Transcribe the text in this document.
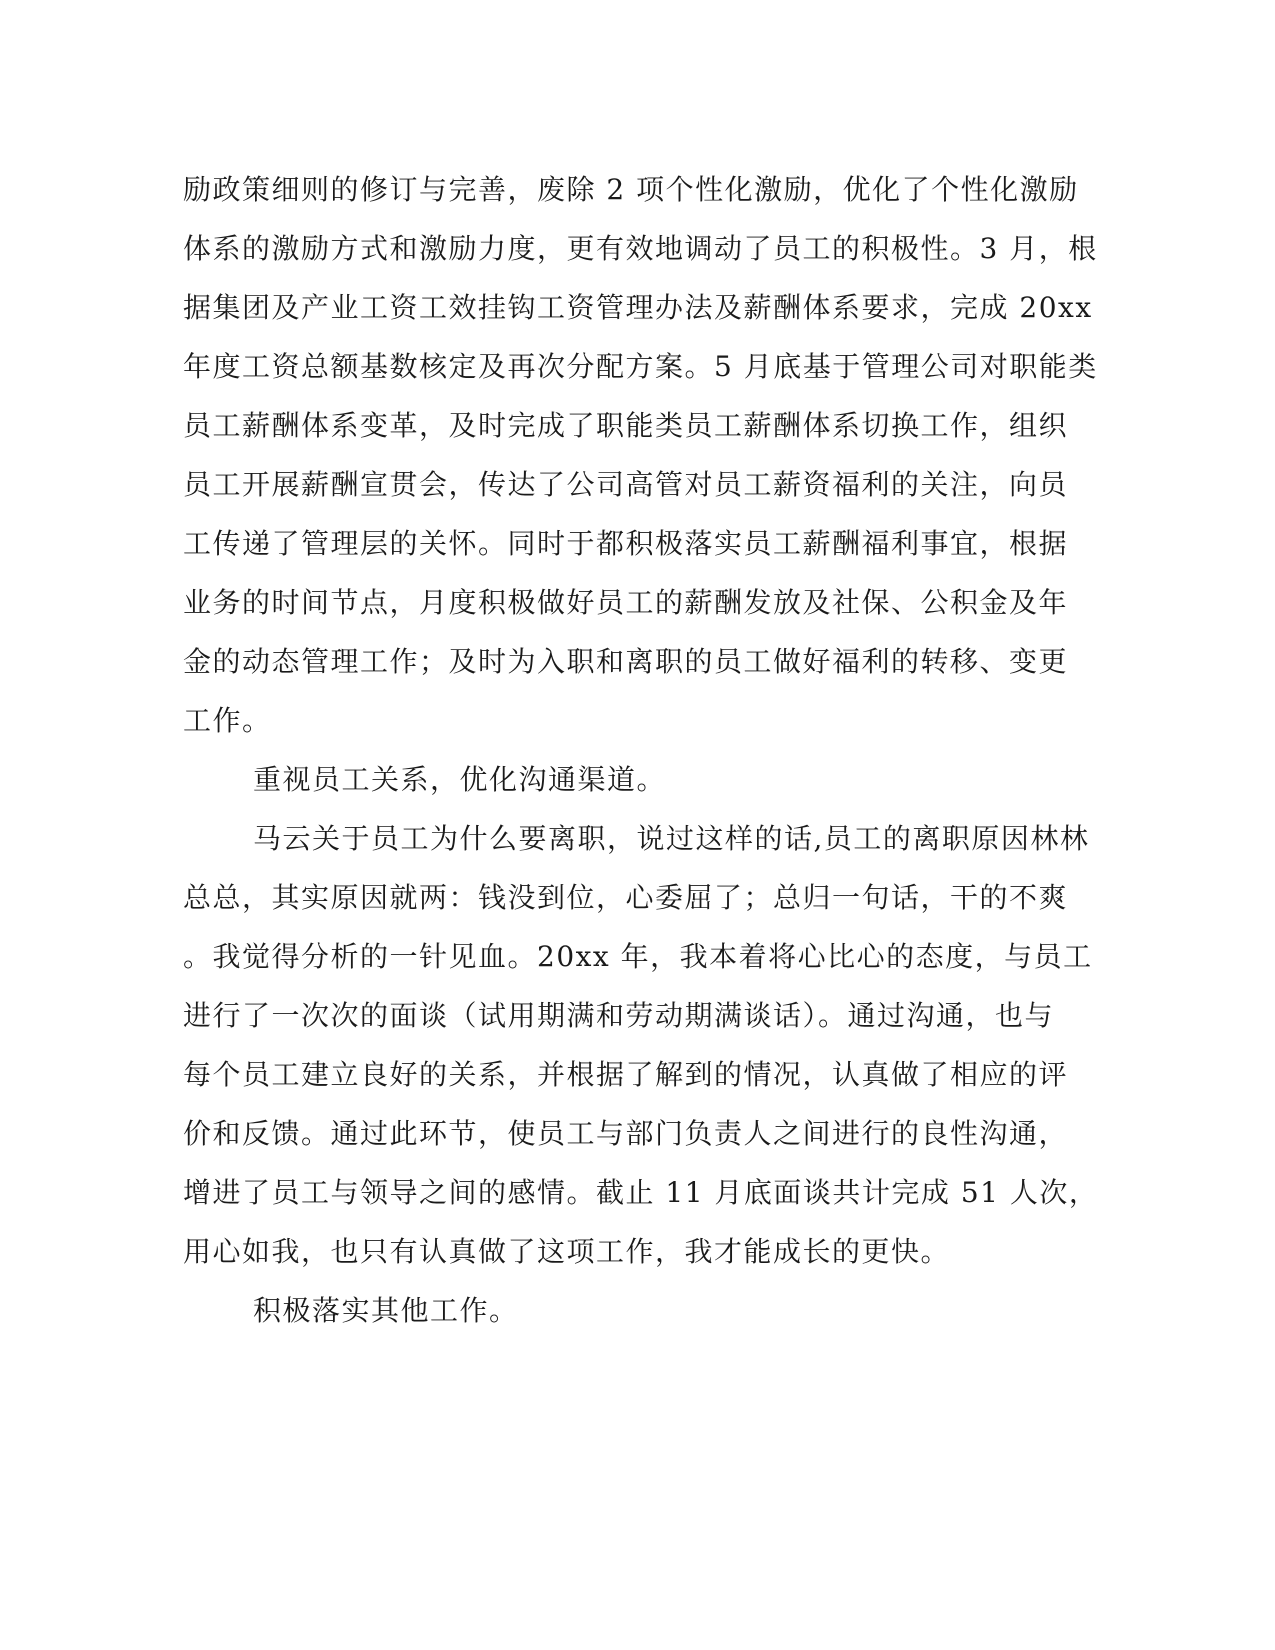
励政策细则的修订与完善，废除 2 项个性化激励，优化了个性化激励
体系的激励方式和激励力度，更有效地调动了员工的积极性。3 月，根
据集团及产业工资工效挂钩工资管理办法及薪酬体系要求，完成 20xx
年度工资总额基数核定及再次分配方案。5 月底基于管理公司对职能类
员工薪酬体系变革，及时完成了职能类员工薪酬体系切换工作，组织
员工开展薪酬宣贯会，传达了公司高管对员工薪资福利的关注，向员
工传递了管理层的关怀。同时于都积极落实员工薪酬福利事宜，根据
业务的时间节点，月度积极做好员工的薪酬发放及社保、公积金及年
金的动态管理工作；及时为入职和离职的员工做好福利的转移、变更
工作。
重视员工关系，优化沟通渠道。
马云关于员工为什么要离职，说过这样的话,员工的离职原因林林
总总，其实原因就两：钱没到位，心委屈了；总归一句话，干的不爽
。我觉得分析的一针见血。20xx 年，我本着将心比心的态度，与员工
进行了一次次的面谈（试用期满和劳动期满谈话）。通过沟通，也与
每个员工建立良好的关系，并根据了解到的情况，认真做了相应的评
价和反馈。通过此环节，使员工与部门负责人之间进行的良性沟通，
增进了员工与领导之间的感情。截止 11 月底面谈共计完成 51 人次，
用心如我，也只有认真做了这项工作，我才能成长的更快。
积极落实其他工作。
